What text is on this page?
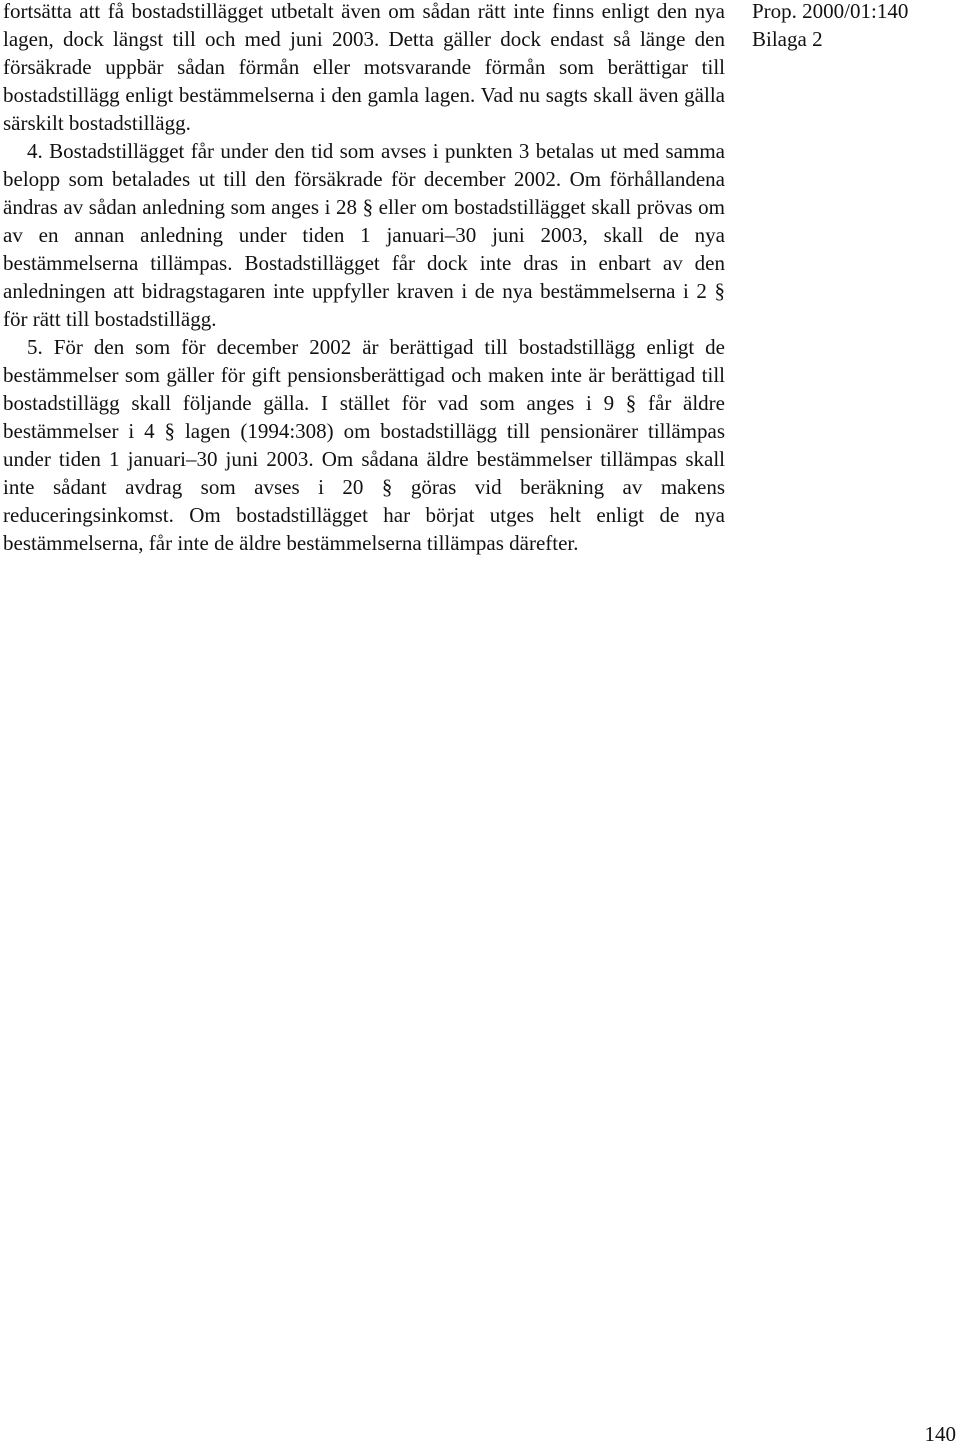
fortsätta att få bostadstillägget utbetalt även om sådan rätt inte finns enligt den nya lagen, dock längst till och med juni 2003. Detta gäller dock endast så länge den försäkrade uppbär sådan förmån eller motsvarande förmån som berättigar till bostadstillägg enligt bestämmelserna i den gamla lagen. Vad nu sagts skall även gälla särskilt bostadstillägg.

4. Bostadstillägget får under den tid som avses i punkten 3 betalas ut med samma belopp som betalades ut till den försäkrade för december 2002. Om förhållandena ändras av sådan anledning som anges i 28 § eller om bostadstillägget skall prövas om av en annan anledning under tiden 1 januari–30 juni 2003, skall de nya bestämmelserna tillämpas. Bostadstillägget får dock inte dras in enbart av den anledningen att bidragstagaren inte uppfyller kraven i de nya bestämmelserna i 2 § för rätt till bostadstillägg.

5. För den som för december 2002 är berättigad till bostadstillägg enligt de bestämmelser som gäller för gift pensionsberättigad och maken inte är berättigad till bostadstillägg skall följande gälla. I stället för vad som anges i 9 § får äldre bestämmelser i 4 § lagen (1994:308) om bostadstillägg till pensionärer tillämpas under tiden 1 januari–30 juni 2003. Om sådana äldre bestämmelser tillämpas skall inte sådant avdrag som avses i 20 § göras vid beräkning av makens reduceringsinkomst. Om bostadstillägget har börjat utges helt enligt de nya bestämmelserna, får inte de äldre bestämmelserna tillämpas därefter.

Prop. 2000/01:140
Bilaga 2
140
